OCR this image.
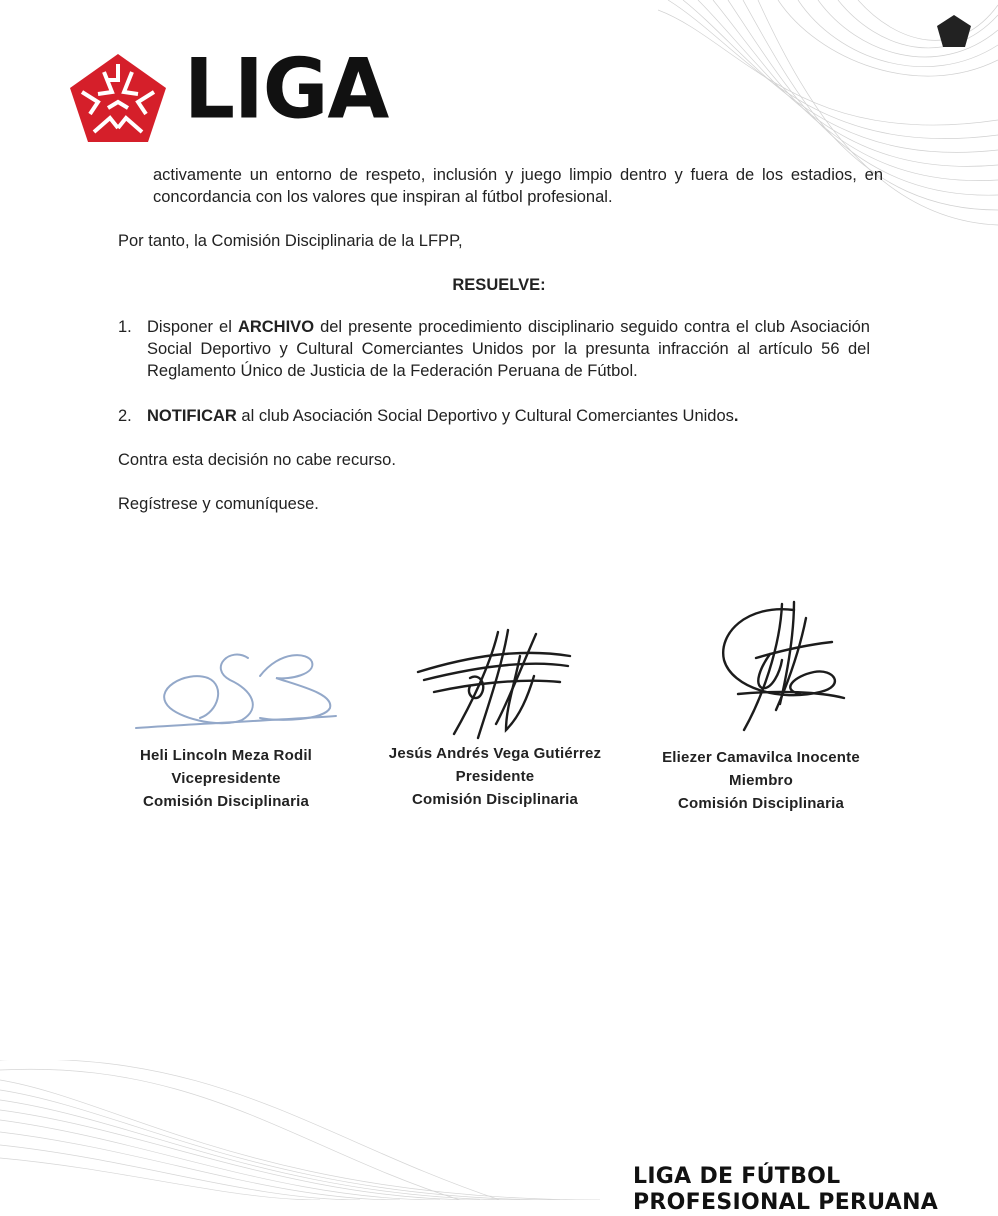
LIGA
activamente un entorno de respeto, inclusión y juego limpio dentro y fuera de los estadios, en concordancia con los valores que inspiran al fútbol profesional.
Por tanto, la Comisión Disciplinaria de la LFPP,
RESUELVE:
1. Disponer el ARCHIVO del presente procedimiento disciplinario seguido contra el club Asociación Social Deportivo y Cultural Comerciantes Unidos por la presunta infracción al artículo 56 del Reglamento Único de Justicia de la Federación Peruana de Fútbol.
2. NOTIFICAR al club Asociación Social Deportivo y Cultural Comerciantes Unidos.
Contra esta decisión no cabe recurso.
Regístrese y comuníquese.
Heli Lincoln Meza Rodil
Vicepresidente
Comisión Disciplinaria
Jesús Andrés Vega Gutiérrez
Presidente
Comisión Disciplinaria
Eliezer Camavilca Inocente
Miembro
Comisión Disciplinaria
LIGA DE FÚTBOL
PROFESIONAL PERUANA
